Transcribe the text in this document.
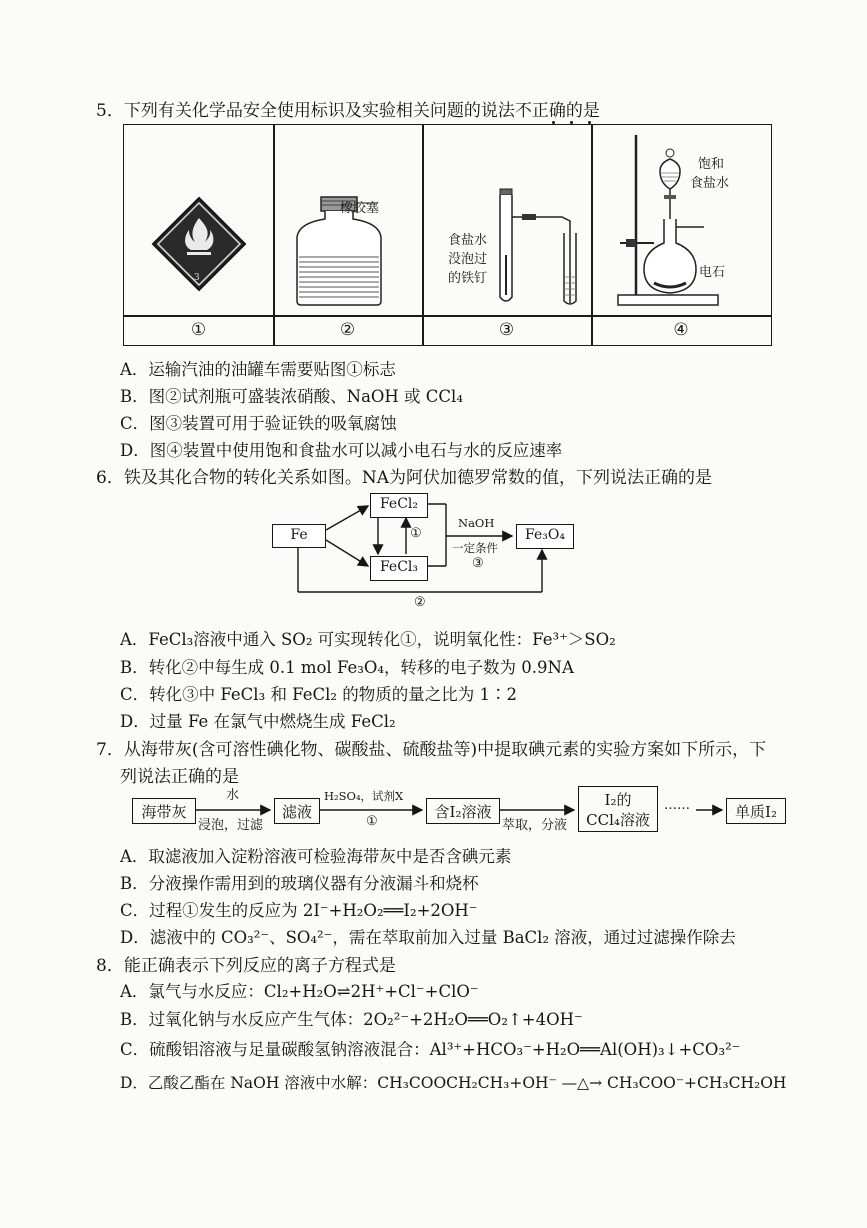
5．下列有关化学品安全使用标识及实验相关问题的说法不正确的是
①	②	③	④
3
橡胶塞
食盐水
没泡过
的铁钉
饱和
食盐水
电石
A．运输汽油的油罐车需要贴图①标志
B．图②试剂瓶可盛装浓硝酸、NaOH 或 CCl₄
C．图③装置可用于验证铁的吸氧腐蚀
D．图④装置中使用饱和食盐水可以减小电石与水的反应速率
6．铁及其化合物的转化关系如图。NA为阿伏加德罗常数的值，下列说法正确的是
Fe
FeCl₂
FeCl₃
Fe₃O₄
①
NaOH
一定条件
③
②
A．FeCl₃溶液中通入 SO₂ 可实现转化①，说明氧化性：Fe³⁺＞SO₂
B．转化②中每生成 0.1 mol Fe₃O₄，转移的电子数为 0.9NA
C．转化③中 FeCl₃ 和 FeCl₂ 的物质的量之比为 1∶2
D．过量 Fe 在氯气中燃烧生成 FeCl₂
7．从海带灰(含可溶性碘化物、碳酸盐、硫酸盐等)中提取碘元素的实验方案如下所示，下
列说法正确的是
海带灰
水
浸泡，过滤
滤液
H₂SO₄，试剂X
①
含I₂溶液
萃取，分液
I₂的
CCl₄溶液
……	单质I₂
A．取滤液加入淀粉溶液可检验海带灰中是否含碘元素
B．分液操作需用到的玻璃仪器有分液漏斗和烧杯
C．过程①发生的反应为 2I⁻+H₂O₂══I₂+2OH⁻
D．滤液中的 CO₃²⁻、SO₄²⁻，需在萃取前加入过量 BaCl₂ 溶液，通过过滤操作除去
8．能正确表示下列反应的离子方程式是
A．氯气与水反应：Cl₂+H₂O⇌2H⁺+Cl⁻+ClO⁻
B．过氧化钠与水反应产生气体：2O₂²⁻+2H₂O══O₂↑+4OH⁻
C．硫酸铝溶液与足量碳酸氢钠溶液混合：Al³⁺+HCO₃⁻+H₂O══Al(OH)₃↓+CO₃²⁻
D．乙酸乙酯在 NaOH 溶液中水解：CH₃COOCH₂CH₃+OH⁻ —△→ CH₃COO⁻+CH₃CH₂OH
